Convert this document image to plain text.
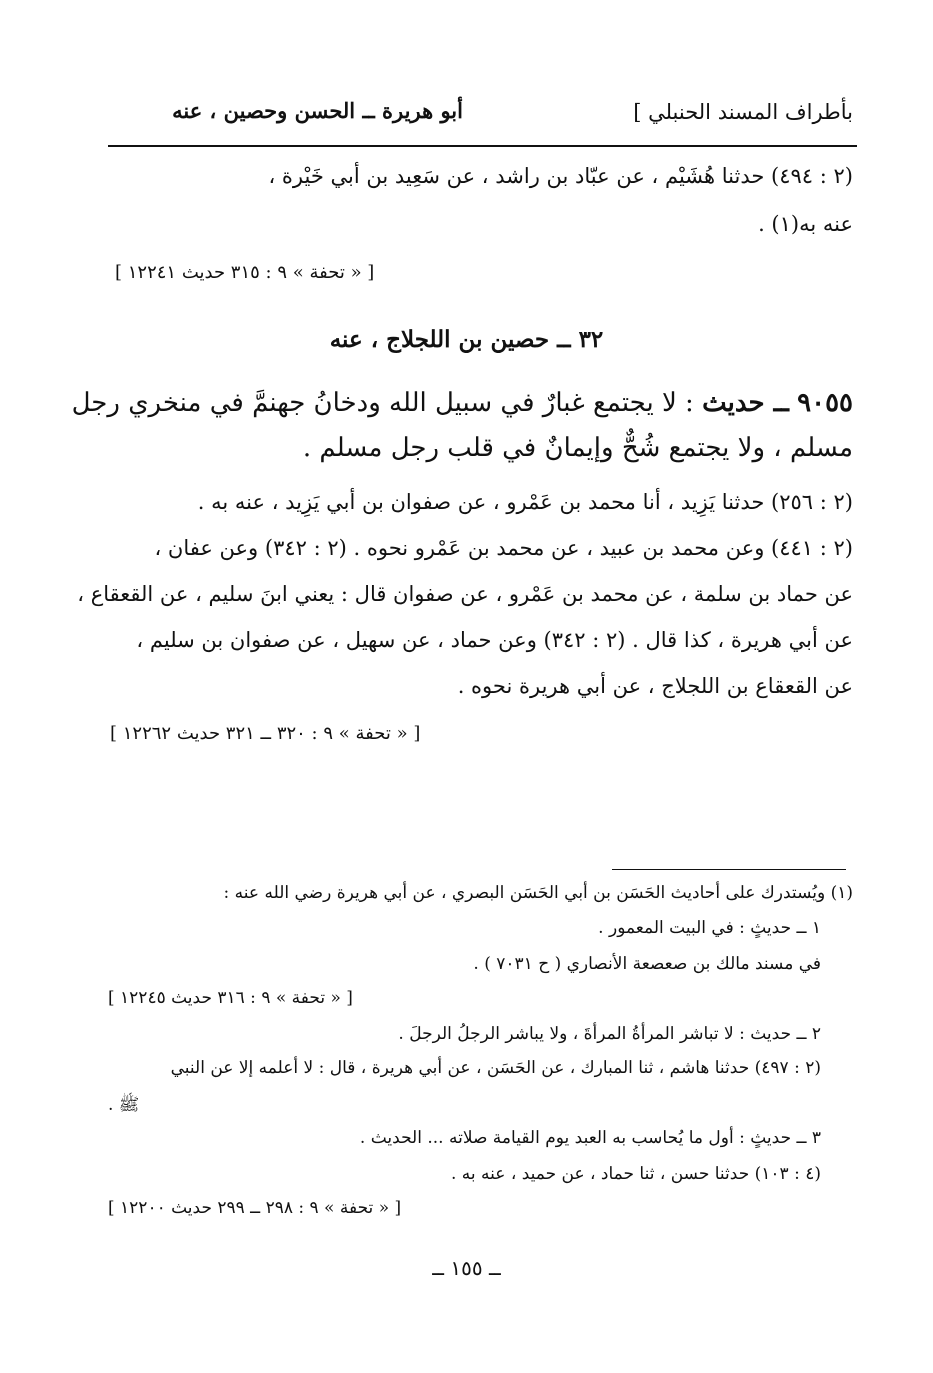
بأطراف المسند الحنبلي ]
أبو هريرة ــ الحسن وحصين ، عنه
(٢ : ٤٩٤) حدثنا هُشَيْم ، عن عبّاد بن راشد ، عن سَعِيد بن أبي خَيْرة ،
عنه به(١) .
[ « تحفة » ٩ : ٣١٥ حديث ١٢٢٤١ ]
٣٢ ــ حصين بن اللجلاج ، عنه
٩٠٥٥ ــ حديث : لا يجتمع غبارٌ في سبيل الله ودخانُ جهنمَّ في منخري رجل
مسلم ، ولا يجتمع شُحٌّ وإيمانٌ في قلب رجل مسلم .
(٢ : ٢٥٦) حدثنا يَزِيد ، أنا محمد بن عَمْرو ، عن صفوان بن أبي يَزِيد ، عنه به .
(٢ : ٤٤١) وعن محمد بن عبيد ، عن محمد بن عَمْرو نحوه . (٢ : ٣٤٢) وعن عفان ،
عن حماد بن سلمة ، عن محمد بن عَمْرو ، عن صفوان قال : يعني ابنَ سليم ، عن القعقاع ،
عن أبي هريرة ، كذا قال . (٢ : ٣٤٢) وعن حماد ، عن سهيل ، عن صفوان بن سليم ،
عن القعقاع بن اللجلاج ، عن أبي هريرة نحوه .
[ « تحفة » ٩ : ٣٢٠ ــ ٣٢١ حديث ١٢٢٦٢ ]
(١) ويُستدرك على أحاديث الحَسَن بن أبي الحَسَن البصري ، عن أبي هريرة رضي الله عنه :
١ ــ حديثٍ : في البيت المعمور .
في مسند مالك بن صعصعة الأنصاري ( ح ٧٠٣١ ) .
[ « تحفة » ٩ : ٣١٦ حديث ١٢٢٤٥ ]
٢ ــ حديث : لا تباشر المرأةُ المرأةَ ، ولا يباشر الرجلُ الرجلَ .
(٢ : ٤٩٧) حدثنا هاشم ، ثنا المبارك ، عن الحَسَن ، عن أبي هريرة ، قال : لا أعلمه إلا عن النبي
ﷺ .
٣ ــ حديثٍ : أول ما يُحاسب به العبد يوم القيامة صلاته ... الحديث .
(٤ : ١٠٣) حدثنا حسن ، ثنا حماد ، عن حميد ، عنه به .
[ « تحفة » ٩ : ٢٩٨ ــ ٢٩٩ حديث ١٢٢٠٠ ]
ــ ١٥٥ ــ
